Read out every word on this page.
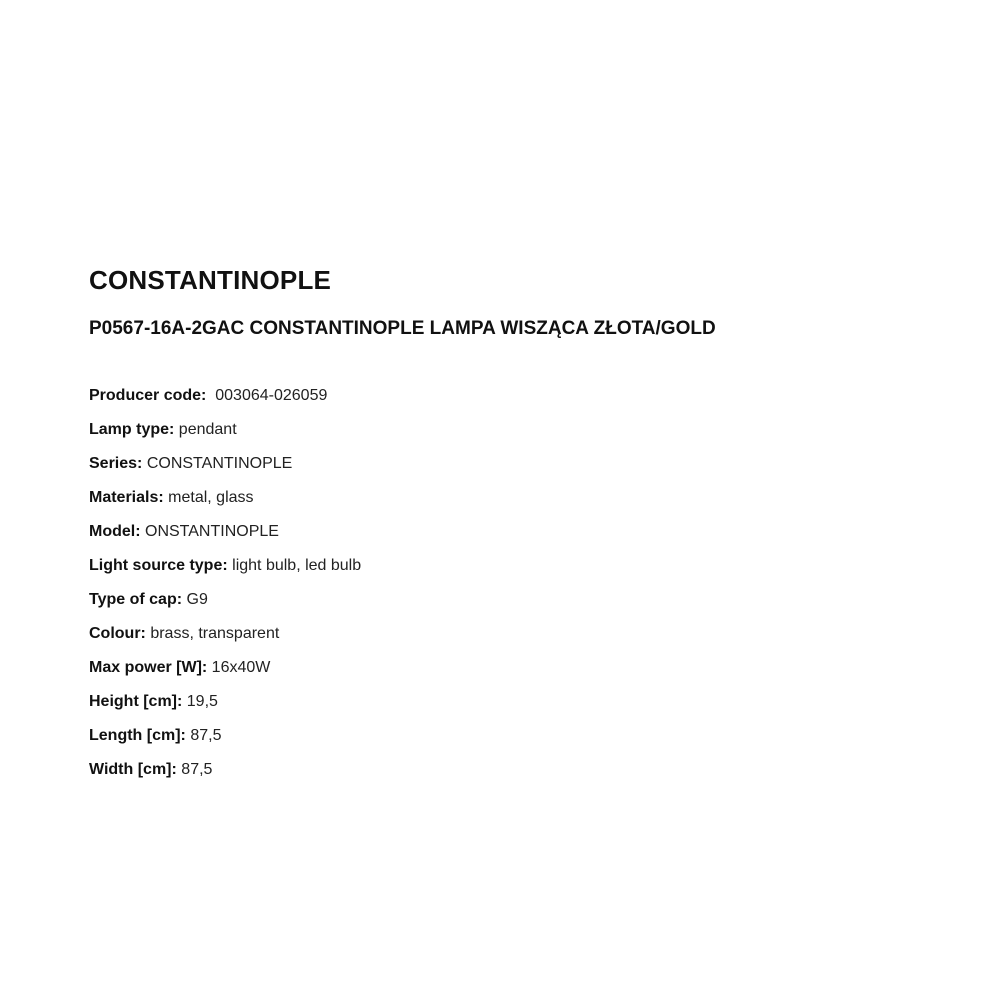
CONSTANTINOPLE
P0567-16A-2GAC CONSTANTINOPLE LAMPA WISZĄCA ZŁOTA/GOLD
Producer code: 003064-026059
Lamp type: pendant
Series: CONSTANTINOPLE
Materials: metal, glass
Model: ONSTANTINOPLE
Light source type: light bulb, led bulb
Type of cap: G9
Colour: brass, transparent
Max power [W]: 16x40W
Height [cm]: 19,5
Length [cm]: 87,5
Width [cm]: 87,5
